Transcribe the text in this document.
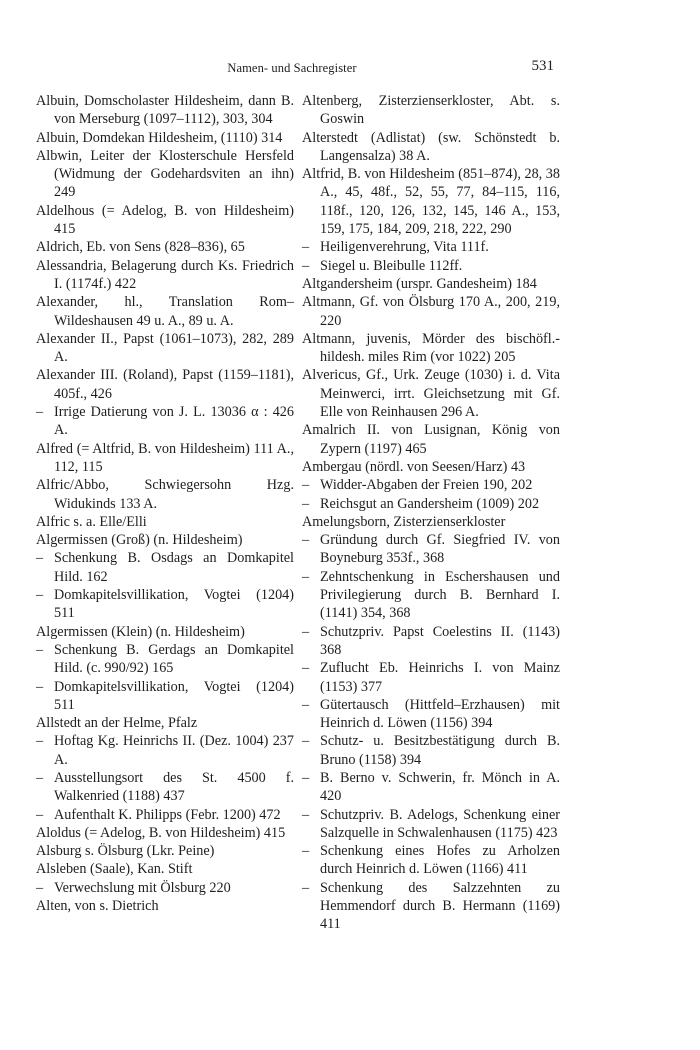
Namen- und Sachregister	531

Albuin, Domscholaster Hildesheim, dann B. von Merseburg (1097–1112), 303, 304

Albuin, Domdekan Hildesheim, (1110) 314

Albwin, Leiter der Klosterschule Hersfeld (Widmung der Godehardsviten an ihn) 249

Aldelhous (= Adelog, B. von Hildesheim) 415

Aldrich, Eb. von Sens (828–836), 65

Alessandria, Belagerung durch Ks. Friedrich I. (1174f.) 422

Alexander, hl., Translation Rom–Wildeshausen 49 u. A., 89 u. A.

Alexander II., Papst (1061–1073), 282, 289 A.

Alexander III. (Roland), Papst (1159–1181), 405f., 426

– Irrige Datierung von J. L. 13036 α : 426 A.

Alfred (= Altfrid, B. von Hildesheim) 111 A., 112, 115

Alfric/Abbo, Schwiegersohn Hzg. Widukinds 133 A.

Alfric s. a. Elle/Elli

Algermissen (Groß) (n. Hildesheim)

– Schenkung B. Osdags an Domkapitel Hild. 162

– Domkapitelsvillikation, Vogtei (1204) 511

Algermissen (Klein) (n. Hildesheim)

– Schenkung B. Gerdags an Domkapitel Hild. (c. 990/92) 165

– Domkapitelsvillikation, Vogtei (1204) 511

Allstedt an der Helme, Pfalz

– Hoftag Kg. Heinrichs II. (Dez. 1004) 237 A.

– Ausstellungsort des St. 4500 f. Walkenried (1188) 437

– Aufenthalt K. Philipps (Febr. 1200) 472

Aloldus (= Adelog, B. von Hildesheim) 415

Alsburg s. Ölsburg (Lkr. Peine)

Alsleben (Saale), Kan. Stift

– Verwechslung mit Ölsburg 220

Alten, von s. Dietrich

Altenberg, Zisterzienserkloster, Abt. s. Goswin

Alterstedt (Adlistat) (sw. Schönstedt b. Langensalza) 38 A.

Altfrid, B. von Hildesheim (851–874), 28, 38 A., 45, 48f., 52, 55, 77, 84–115, 116, 118f., 120, 126, 132, 145, 146 A., 153, 159, 175, 184, 209, 218, 222, 290

– Heiligenverehrung, Vita 111f.

– Siegel u. Bleibulle 112ff.

Altgandersheim (urspr. Gandesheim) 184

Altmann, Gf. von Ölsburg 170 A., 200, 219, 220

Altmann, juvenis, Mörder des bischöfl.-hildesh. miles Rim (vor 1022) 205

Alvericus, Gf., Urk. Zeuge (1030) i. d. Vita Meinwerci, irrt. Gleichsetzung mit Gf. Elle von Reinhausen 296 A.

Amalrich II. von Lusignan, König von Zypern (1197) 465

Ambergau (nördl. von Seesen/Harz) 43

– Widder-Abgaben der Freien 190, 202

– Reichsgut an Gandersheim (1009) 202

Amelungsborn, Zisterzienserkloster

– Gründung durch Gf. Siegfried IV. von Boyneburg 353f., 368

– Zehntschenkung in Eschershausen und Privilegierung durch B. Bernhard I. (1141) 354, 368

– Schutzpriv. Papst Coelestins II. (1143) 368

– Zuflucht Eb. Heinrichs I. von Mainz (1153) 377

– Gütertausch (Hittfeld–Erzhausen) mit Heinrich d. Löwen (1156) 394

– Schutz- u. Besitzbestätigung durch B. Bruno (1158) 394

– B. Berno v. Schwerin, fr. Mönch in A. 420

– Schutzpriv. B. Adelogs, Schenkung einer Salzquelle in Schwalenhausen (1175) 423

– Schenkung eines Hofes zu Arholzen durch Heinrich d. Löwen (1166) 411

– Schenkung des Salzzehnten zu Hemmendorf durch B. Hermann (1169) 411
